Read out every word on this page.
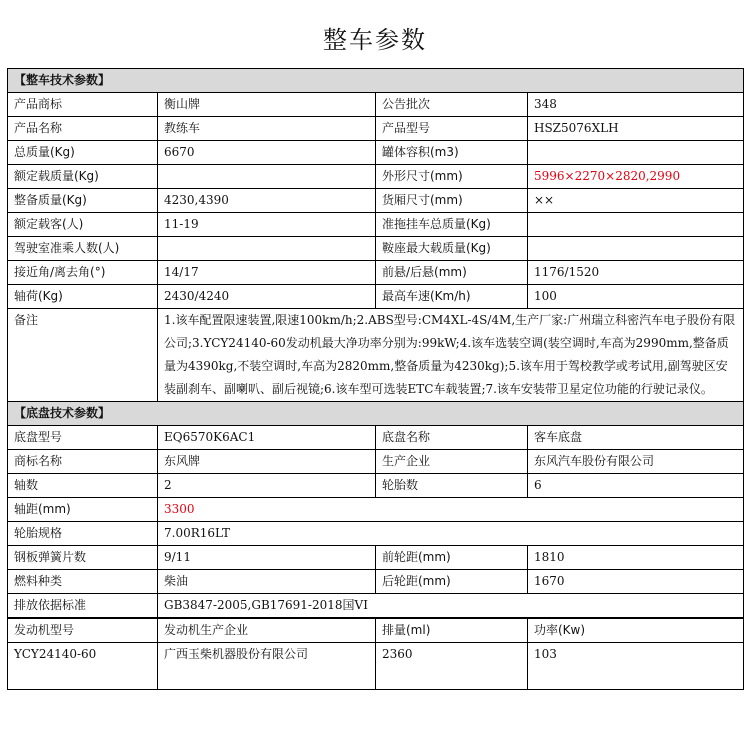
整车参数
【整车技术参数】			
产品商标	衡山牌	公告批次	348
产品名称	教练车	产品型号	HSZ5076XLH
总质量(Kg)	6670	罐体容积(m3)	
额定载质量(Kg)		外形尺寸(mm)	5996×2270×2820,2990
整备质量(Kg)	4230,4390	货厢尺寸(mm)	××
额定载客(人)	11-19	准拖挂车总质量(Kg)	
驾驶室准乘人数(人)		鞍座最大载质量(Kg)	
接近角/离去角(°)	14/17	前悬/后悬(mm)	1176/1520
轴荷(Kg)	2430/4240	最高车速(Km/h)	100
备注	1.该车配置限速装置,限速100km/h;2.ABS型号:CM4XL-4S/4M,生产厂家:广州瑞立科密汽车电子股份有限公司;3.YCY24140-60发动机最大净功率分别为:99kW;4.该车选装空调(装空调时,车高为2990mm,整备质量为4390kg,不装空调时,车高为2820mm,整备质量为4230kg);5.该车用于驾校教学或考试用,副驾驶区安装副刹车、副喇叭、副后视镜;6.该车型可选装ETC车载装置;7.该车安装带卫星定位功能的行驶记录仪。		
【底盘技术参数】			
底盘型号	EQ6570K6AC1	底盘名称	客车底盘
商标名称	东风牌	生产企业	东风汽车股份有限公司
轴数	2	轮胎数	6
轴距(mm)	3300		
轮胎规格	7.00R16LT		
钢板弹簧片数	9/11	前轮距(mm)	1810
燃料种类	柴油	后轮距(mm)	1670
排放依据标准	GB3847-2005,GB17691-2018国VI		
发动机型号	发动机生产企业	排量(ml)	功率(Kw)
YCY24140-60	广西玉柴机器股份有限公司	2360	103
